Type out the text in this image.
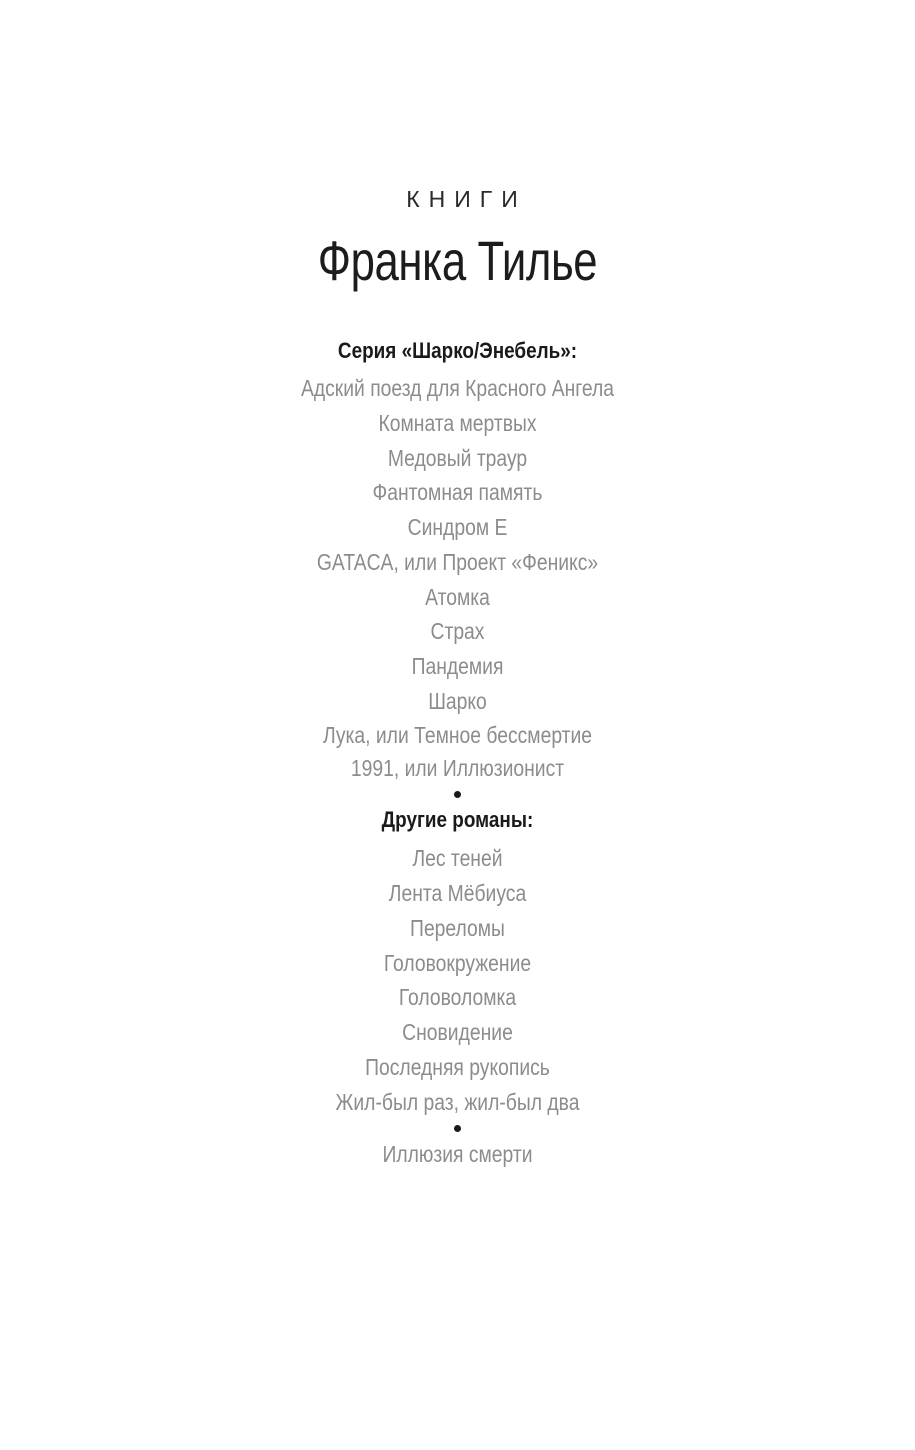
КНИГИ
Франка Тилье
Серия «Шарко/Энебель»:
Адский поезд для Красного Ангела
Комната мертвых
Медовый траур
Фантомная память
Синдром Е
GATACA, или Проект «Феникс»
Атомка
Страх
Пандемия
Шарко
Лука, или Темное бессмертие
1991, или Иллюзионист
Другие романы:
Лес теней
Лента Мёбиуса
Переломы
Головокружение
Головоломка
Сновидение
Последняя рукопись
Жил-был раз, жил-был два
Иллюзия смерти
